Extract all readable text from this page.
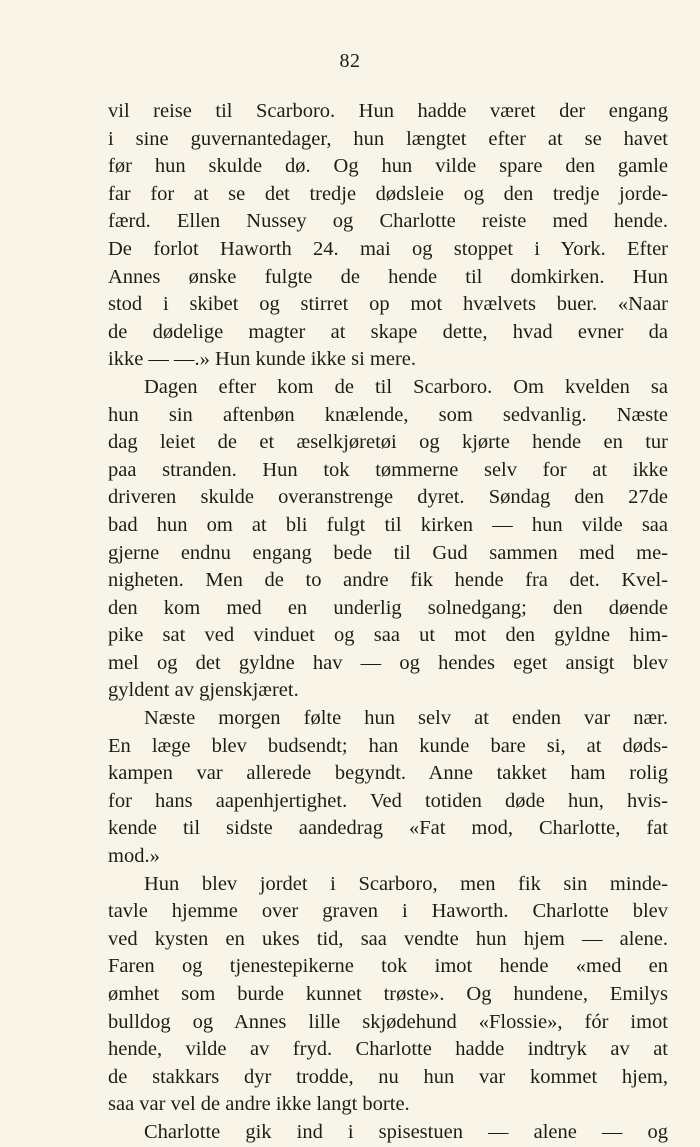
82
vil reise til Scarboro. Hun hadde været der engang
i sine guvernantedager, hun længtet efter at se havet
før hun skulde dø. Og hun vilde spare den gamle
far for at se det tredje dødsleie og den tredje jorde-
færd. Ellen Nussey og Charlotte reiste med hende.
De forlot Haworth 24. mai og stoppet i York. Efter
Annes ønske fulgte de hende til domkirken. Hun
stod i skibet og stirret op mot hvælvets buer. «Naar
de dødelige magter at skape dette, hvad evner da
ikke — —.» Hun kunde ikke si mere.
Dagen efter kom de til Scarboro. Om kvelden sa
hun sin aftenbøn knælende, som sedvanlig. Næste
dag leiet de et æselkjøretøi og kjørte hende en tur
paa stranden. Hun tok tømmerne selv for at ikke
driveren skulde overanstrenge dyret. Søndag den 27de
bad hun om at bli fulgt til kirken — hun vilde saa
gjerne endnu engang bede til Gud sammen med me-
nigheten. Men de to andre fik hende fra det. Kvel-
den kom med en underlig solnedgang; den døende
pike sat ved vinduet og saa ut mot den gyldne him-
mel og det gyldne hav — og hendes eget ansigt blev
gyldent av gjenskjæret.
Næste morgen følte hun selv at enden var nær.
En læge blev budsendt; han kunde bare si, at døds-
kampen var allerede begyndt. Anne takket ham rolig
for hans aapenhjertighet. Ved totiden døde hun, hvis-
kende til sidste aandedrag «Fat mod, Charlotte, fat
mod.»
Hun blev jordet i Scarboro, men fik sin minde-
tavle hjemme over graven i Haworth. Charlotte blev
ved kysten en ukes tid, saa vendte hun hjem — alene.
Faren og tjenestepikerne tok imot hende «med en
ømhet som burde kunnet trøste». Og hundene, Emilys
bulldog og Annes lille skjødehund «Flossie», fór imot
hende, vilde av fryd. Charlotte hadde indtryk av at
de stakkars dyr trodde, nu hun var kommet hjem,
saa var vel de andre ikke langt borte.
Charlotte gik ind i spisestuen — alene — og
